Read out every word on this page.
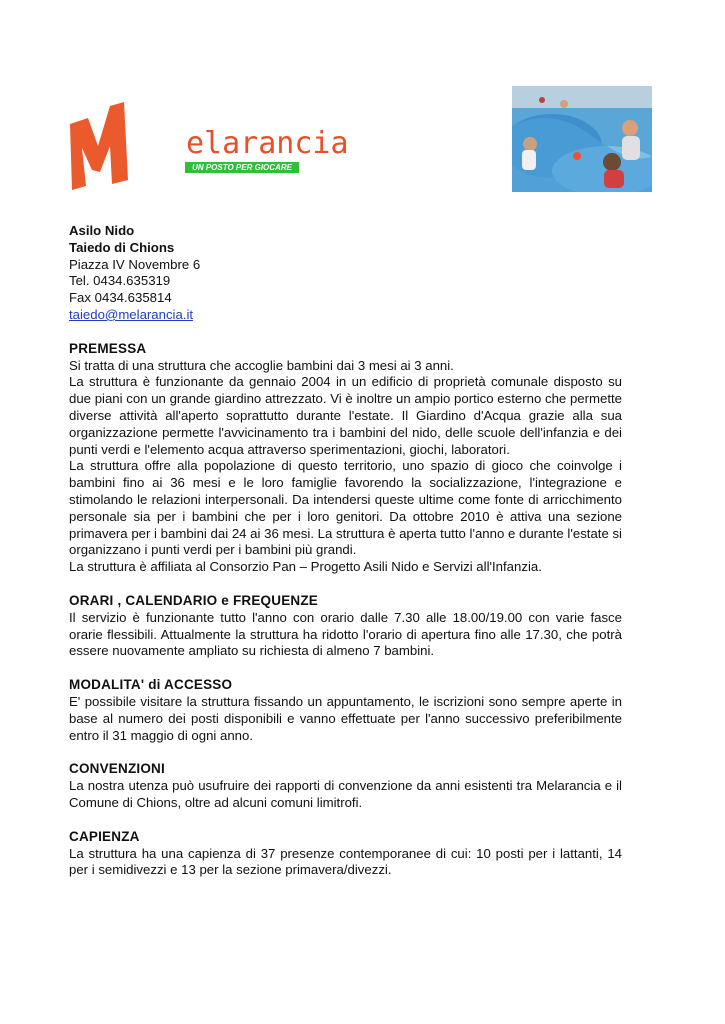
elarancia
UN POSTO PER GIOCARE
Asilo Nido
Taiedo di Chions
Piazza IV Novembre 6
Tel. 0434.635319
Fax 0434.635814
taiedo@melarancia.it
PREMESSA

Si tratta di una struttura che accoglie bambini dai 3 mesi ai 3 anni.

La struttura è funzionante da gennaio 2004 in un edificio di proprietà comunale disposto su due piani con un grande giardino attrezzato. Vi è inoltre un ampio portico esterno che permette diverse attività all'aperto soprattutto durante l'estate. Il Giardino d'Acqua grazie alla sua organizzazione permette l'avvicinamento tra i bambini del nido, delle scuole dell'infanzia e dei punti verdi e l'elemento acqua attraverso sperimentazioni, giochi, laboratori.

La struttura offre alla popolazione di questo territorio, uno spazio di gioco che coinvolge i bambini fino ai 36 mesi e le loro famiglie favorendo la socializzazione, l'integrazione e stimolando le relazioni interpersonali. Da intendersi queste ultime come fonte di arricchimento personale sia per i bambini che per i loro genitori. Da ottobre 2010 è attiva una sezione primavera per i bambini dai 24 ai 36 mesi. La struttura è aperta tutto l'anno e durante l'estate si organizzano i punti verdi per i bambini più grandi.

La struttura è affiliata al Consorzio Pan – Progetto Asili Nido e Servizi all'Infanzia.

ORARI , CALENDARIO e FREQUENZE

Il servizio è funzionante tutto l'anno con orario dalle 7.30 alle 18.00/19.00 con varie fasce orarie flessibili. Attualmente la struttura ha ridotto l'orario di apertura fino alle 17.30, che potrà essere nuovamente ampliato su richiesta di almeno 7 bambini.

MODALITA' di ACCESSO

E' possibile visitare la struttura fissando un appuntamento, le iscrizioni sono sempre aperte in base al numero dei posti disponibili e vanno effettuate per l'anno successivo preferibilmente entro il 31 maggio di ogni anno.

CONVENZIONI

La nostra utenza può usufruire dei rapporti di convenzione da anni esistenti tra Melarancia e il Comune di Chions, oltre ad alcuni comuni limitrofi.

CAPIENZA

La struttura ha una capienza di 37 presenze contemporanee di cui: 10 posti per i lattanti, 14 per i semidivezzi e 13 per la sezione primavera/divezzi.
